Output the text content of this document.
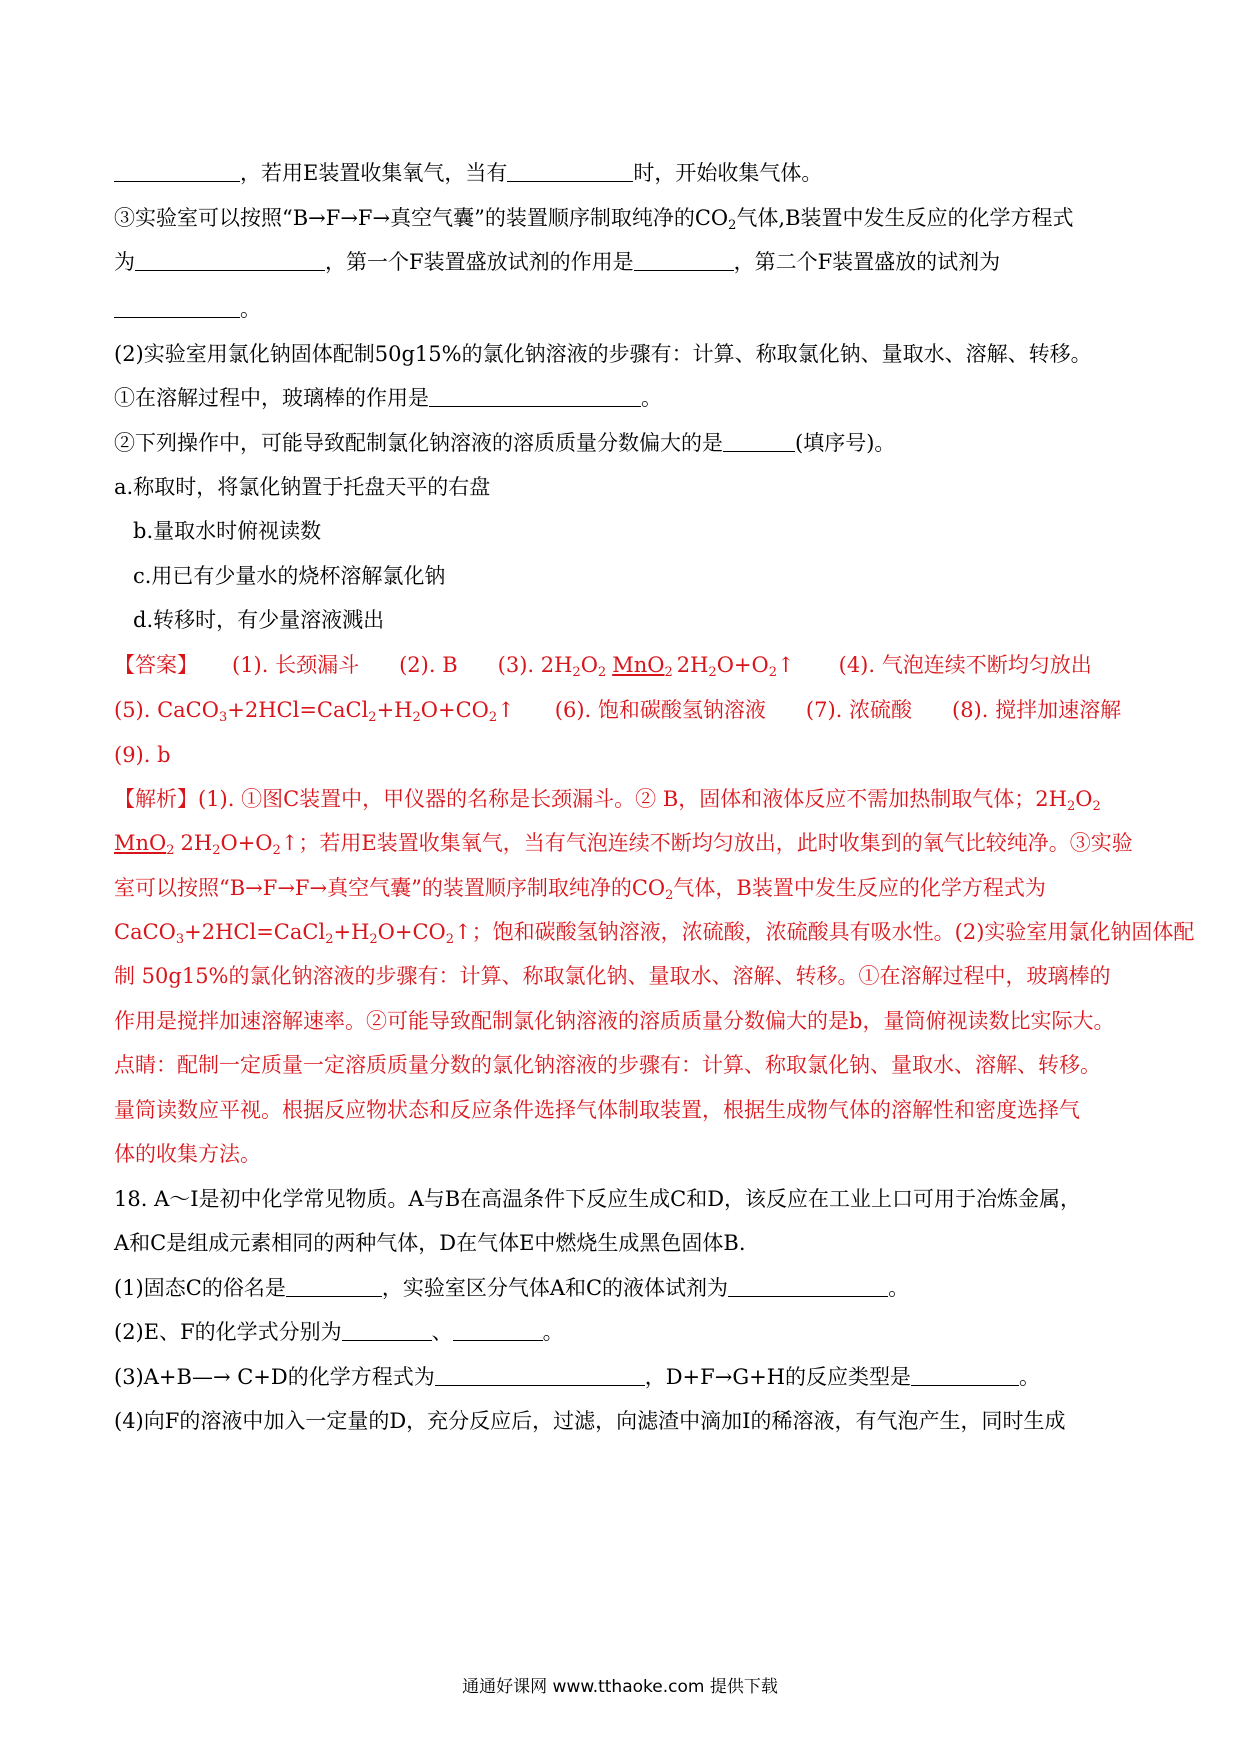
，若用E装置收集氧气，当有	时，开始收集气体。
③实验室可以按照“B→F→F→真空气囊”的装置顺序制取纯净的$CO_2$气体,B装置中发生反应的化学方程式
为	，第一个F装置盛放试剂的作用是	，第二个F装置盛放的试剂为
。
(2)实验室用氯化钠固体配制50g15%的氯化钠溶液的步骤有：计算、称取氯化钠、量取水、溶解、转移。
①在溶解过程中，玻璃棒的作用是	。
②下列操作中，可能导致配制氯化钠溶液的溶质质量分数偏大的是	(填序号)。
a.称取时，将氯化钠置于托盘天平的右盘
b.量取水时俯视读数
c.用已有少量水的烧杯溶解氯化钠
d.转移时，有少量溶液溅出
【答案】 (1). 长颈漏斗 (2). B (3). $2H_2O_2$ MnO$_2$ $2H_2O+O_2↑$ (4). 气泡连续不断均匀放出
(5). $CaCO_3+2HCl=CaCl_2+H_2O+CO_2↑$ (6). 饱和碳酸氢钠溶液 (7). 浓硫酸 (8). 搅拌加速溶解
(9). b
【解析】(1). ①图C装置中，甲仪器的名称是长颈漏斗。② B，固体和液体反应不需加热制取气体；$2H_2O_2$
MnO$_2$ $2H_2O+O_2↑$；若用E装置收集氧气，当有气泡连续不断均匀放出，此时收集到的氧气比较纯净。③实验
室可以按照“B→F→F→真空气囊”的装置顺序制取纯净的$CO_2$气体，B装置中发生反应的化学方程式为
$CaCO_3+2HCl=CaCl_2+H_2O+CO_2↑$；饱和碳酸氢钠溶液，浓硫酸，浓硫酸具有吸水性。(2)实验室用氯化钠固体配
制 50g15%的氯化钠溶液的步骤有：计算、称取氯化钠、量取水、溶解、转移。①在溶解过程中，玻璃棒的
作用是搅拌加速溶解速率。②可能导致配制氯化钠溶液的溶质质量分数偏大的是b，量筒俯视读数比实际大。
点睛：配制一定质量一定溶质质量分数的氯化钠溶液的步骤有：计算、称取氯化钠、量取水、溶解、转移。
量筒读数应平视。根据反应物状态和反应条件选择气体制取装置，根据生成物气体的溶解性和密度选择气
体的收集方法。
18. A～I是初中化学常见物质。A与B在高温条件下反应生成C和D，该反应在工业上口可用于冶炼金属，
A和C是组成元素相同的两种气体，D在气体E中燃烧生成黑色固体B.
(1)固态C的俗名是	，实验室区分气体A和C的液体试剂为	。
(2)E、F的化学式分别为	、	。
(3)A+B—→ C+D的化学方程式为	，D+F→G+H的反应类型是	。
(4)向F的溶液中加入一定量的D，充分反应后，过滤，向滤渣中滴加I的稀溶液，有气泡产生，同时生成
通通好课网 www.tthaoke.com 提供下载
